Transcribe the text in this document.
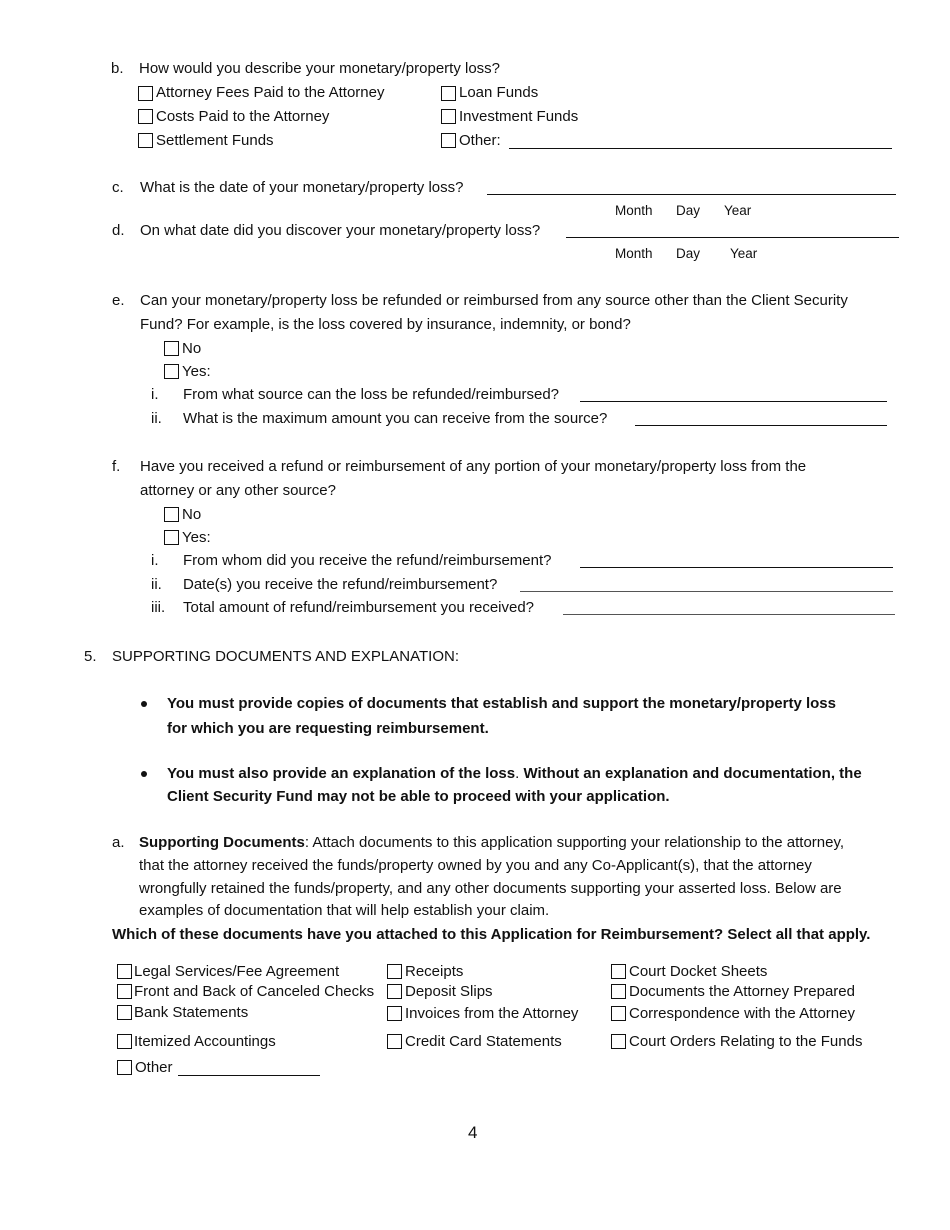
b. How would you describe your monetary/property loss?
Attorney Fees Paid to the Attorney
Costs Paid to the Attorney
Settlement Funds
Loan Funds
Investment Funds
Other:
c. What is the date of your monetary/property loss?
Month Day Year
d. On what date did you discover your monetary/property loss?
Month Day Year
e. Can your monetary/property loss be refunded or reimbursed from any source other than the Client Security
Fund? For example, is the loss covered by insurance, indemnity, or bond?
No
Yes:
i. From what source can the loss be refunded/reimbursed?
ii. What is the maximum amount you can receive from the source?
f. Have you received a refund or reimbursement of any portion of your monetary/property loss from the
attorney or any other source?
No
Yes:
i. From whom did you receive the refund/reimbursement?
ii. Date(s) you receive the refund/reimbursement?
iii. Total amount of refund/reimbursement you received?
5. SUPPORTING DOCUMENTS AND EXPLANATION:
You must provide copies of documents that establish and support the monetary/property loss
for which you are requesting reimbursement.
You must also provide an explanation of the loss. Without an explanation and documentation, the
Client Security Fund may not be able to proceed with your application.
a. Supporting Documents: Attach documents to this application supporting your relationship to the attorney,
that the attorney received the funds/property owned by you and any Co-Applicant(s), that the attorney
wrongfully retained the funds/property, and any other documents supporting your asserted loss. Below are
examples of documentation that will help establish your claim.
Which of these documents have you attached to this Application for Reimbursement? Select all that apply.
Legal Services/Fee Agreement
Front and Back of Canceled Checks
Bank Statements
Itemized Accountings
Other
Receipts
Deposit Slips
Invoices from the Attorney
Credit Card Statements
Court Docket Sheets
Documents the Attorney Prepared
Correspondence with the Attorney
Court Orders Relating to the Funds
4
